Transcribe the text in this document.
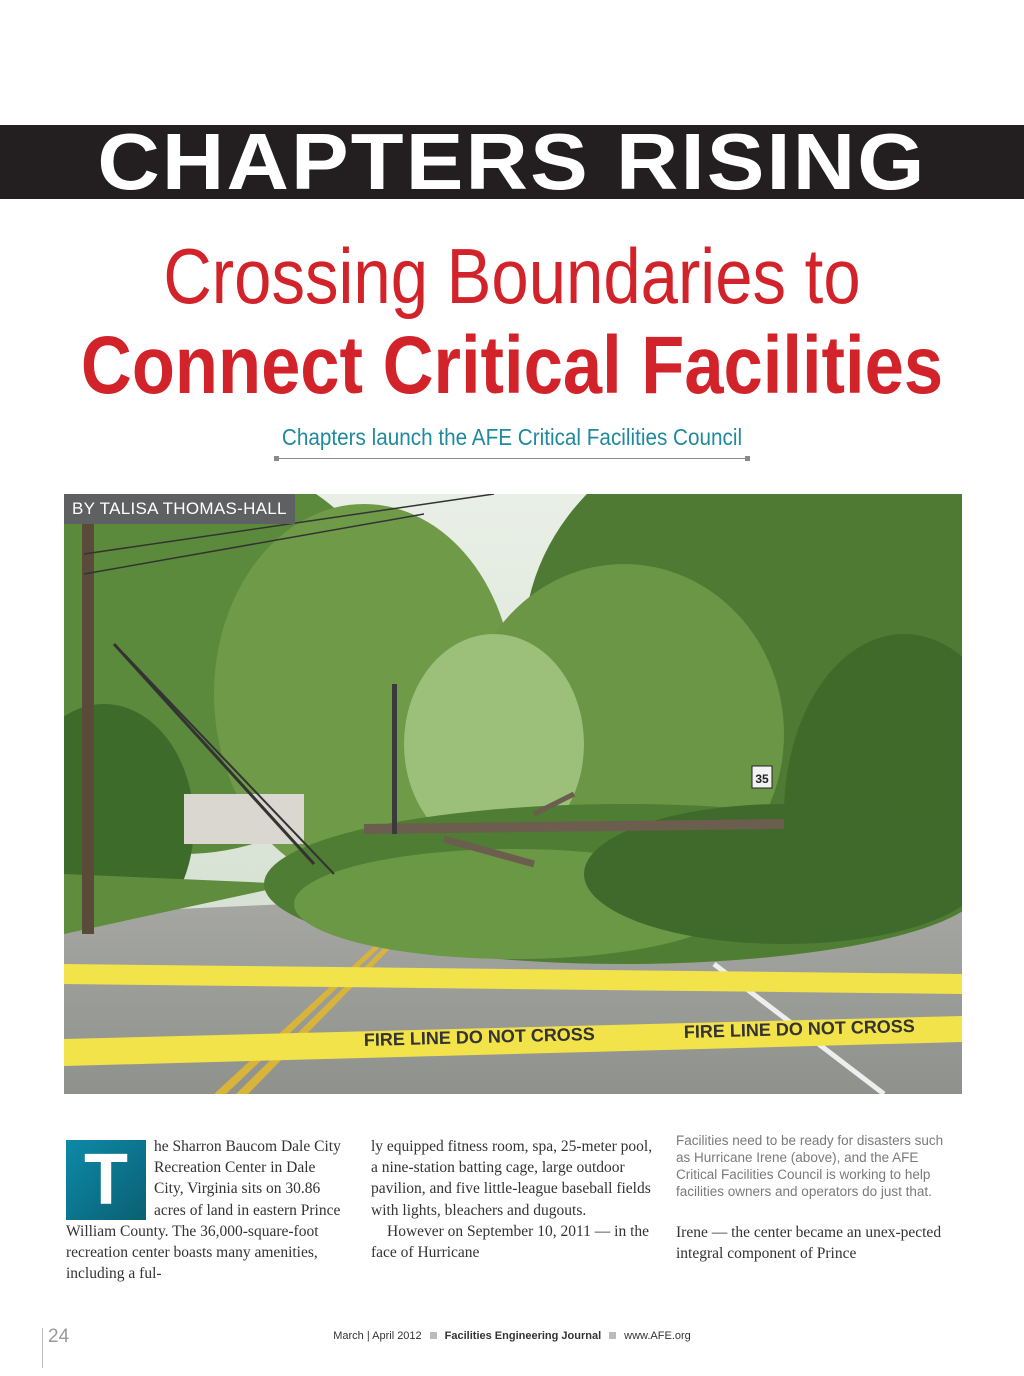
CHAPTERS RISING
Crossing Boundaries to
Connect Critical Facilities
Chapters launch the AFE Critical Facilities Council
35
FIRE LINE DO NOT CROSS	FIRE LINE DO NOT CROSS
BY TALISA THOMAS-HALL
T	he Sharron Baucom Dale City Recreation Center in Dale City, Virginia sits on 30.86 acres of land in eastern Prince William County. The 36,000-square-foot recreation center boasts many amenities, including a ful-

ly equipped fitness room, spa, 25-meter pool, a nine-station batting cage, large outdoor pavilion, and five little-league baseball fields with lights, bleachers and dugouts.

However on September 10, 2011 — in the face of Hurricane

Facilities need to be ready for disasters such as Hurricane Irene (above), and the AFE Critical Facilities Council is working to help facilities owners and operators do just that.

Irene — the center became an unex-pected integral component of Prince

24	March | April 2012 Facilities Engineering Journal www.AFE.org
